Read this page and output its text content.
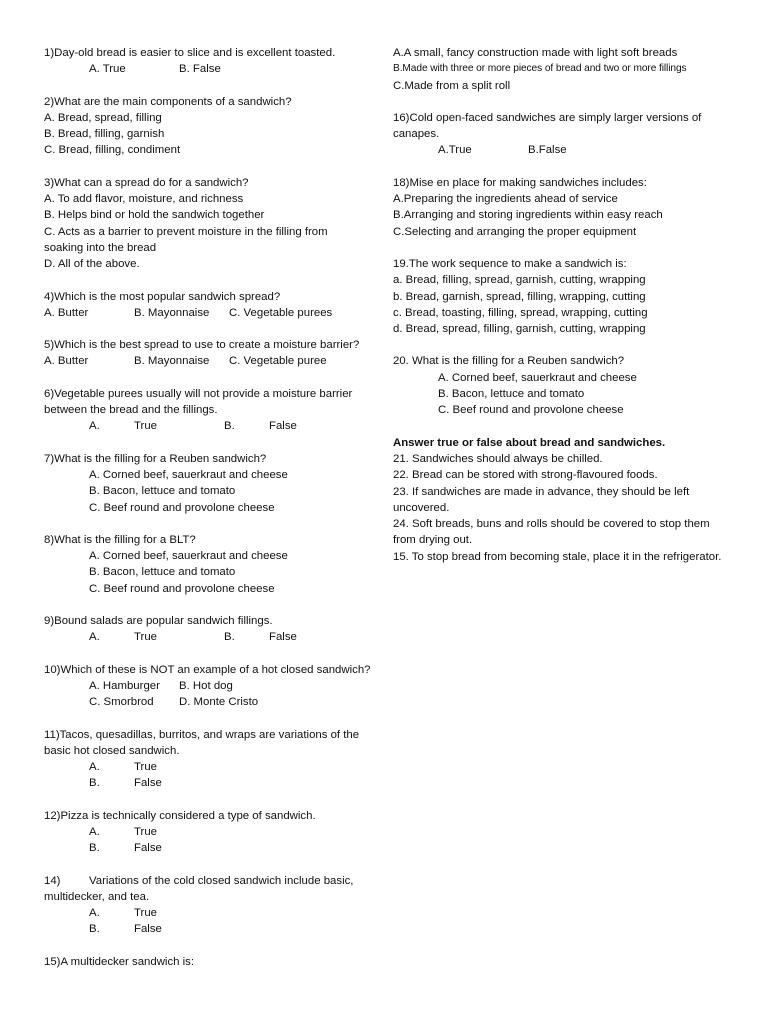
1)Day-old bread is easier to slice and is excellent toasted.
A. True	B. False
2)What are the main components of a sandwich?
A. Bread, spread, filling
B. Bread, filling, garnish
C. Bread, filling, condiment
3)What can a spread do for a sandwich?
A. To add flavor, moisture, and richness
B. Helps bind or hold the sandwich together
C. Acts as a barrier to prevent moisture in the filling from soaking into the bread
D. All of the above.
4)Which is the most popular sandwich spread?
A. Butter	B. Mayonnaise	C. Vegetable purees
5)Which is the best spread to use to create a moisture barrier?
A. Butter	B. Mayonnaise	C. Vegetable puree
6)Vegetable purees usually will not provide a moisture barrier between the bread and the fillings.
A.	True	B.	False
7)What is the filling for a Reuben sandwich?
A. Corned beef, sauerkraut and cheese
B. Bacon, lettuce and tomato
C. Beef round and provolone cheese
8)What is the filling for a BLT?
A. Corned beef, sauerkraut and cheese
B. Bacon, lettuce and tomato
C. Beef round and provolone cheese
9)Bound salads are popular sandwich fillings.
A.	True	B.	False
10)Which of these is NOT an example of a hot closed sandwich?
A. Hamburger	B. Hot dog
C. Smorbrod	D. Monte Cristo
11)Tacos, quesadillas, burritos, and wraps are variations of the basic hot closed sandwich.
A.	True
B.	False
12)Pizza is technically considered a type of sandwich.
A.	True
B.	False
14)	Variations of the cold closed sandwich include basic,
multidecker, and tea.
A.	True
B.	False
15)A multidecker sandwich is:
A.A small, fancy construction made with light soft breads
B.Made with three or more pieces of bread and two or more fillings
C.Made from a split roll
16)Cold open-faced sandwiches are simply larger versions of canapes.
A.True	B.False
18)Mise en place for making sandwiches includes:
A.Preparing the ingredients ahead of service
B.Arranging and storing ingredients within easy reach
C.Selecting and arranging the proper equipment
19.The work sequence to make a sandwich is:
a. Bread, filling, spread, garnish, cutting, wrapping
b. Bread, garnish, spread, filling, wrapping, cutting
c. Bread, toasting, filling, spread, wrapping, cutting
d. Bread, spread, filling, garnish, cutting, wrapping
20. What is the filling for a Reuben sandwich?
A. Corned beef, sauerkraut and cheese
B. Bacon, lettuce and tomato
C. Beef round and provolone cheese
Answer true or false about bread and sandwiches.
21. Sandwiches should always be chilled.
22. Bread can be stored with strong-flavoured foods.
23. If sandwiches are made in advance, they should be left uncovered.
24. Soft breads, buns and rolls should be covered to stop them from drying out.
15. To stop bread from becoming stale, place it in the refrigerator.
